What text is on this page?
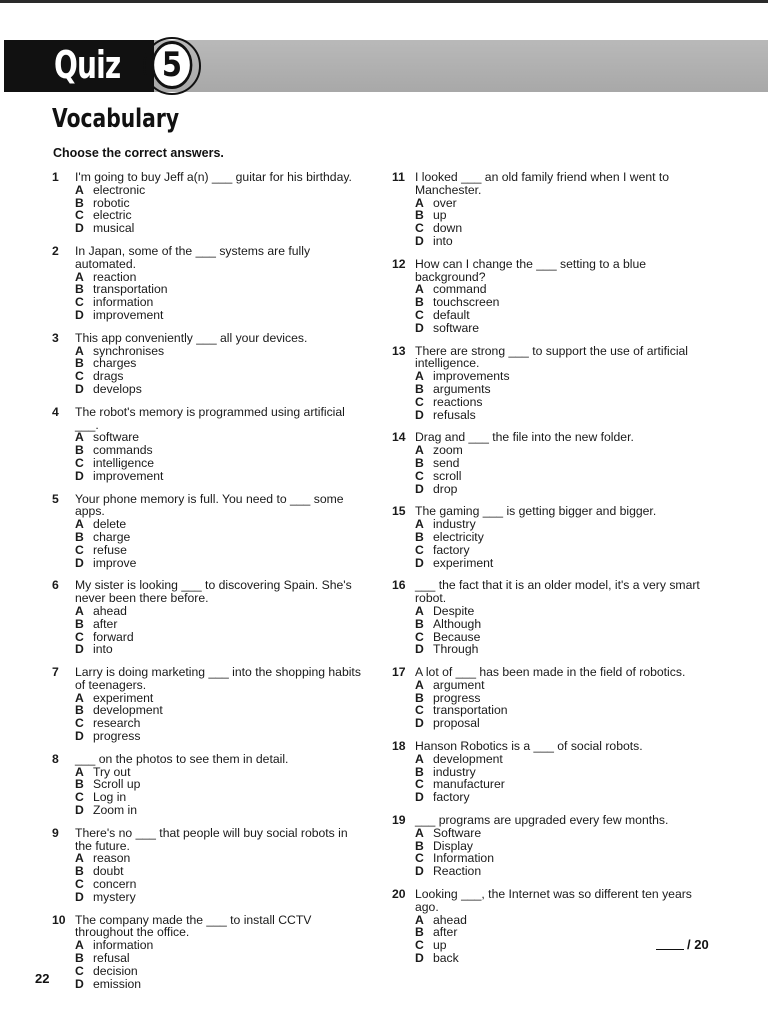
Quiz	5
Vocabulary
Choose the correct answers.
1	I'm going to buy Jeff a(n) ___ guitar for his birthday.
A electronic
B robotic
C electric
D musical
2	In Japan, some of the ___ systems are fully automated.
A reaction
B transportation
C information
D improvement
3	This app conveniently ___ all your devices.
A synchronises
B charges
C drags
D develops
4	The robot's memory is programmed using artificial ___.
A software
B commands
C intelligence
D improvement
5	Your phone memory is full. You need to ___ some apps.
A delete
B charge
C refuse
D improve
6	My sister is looking ___ to discovering Spain. She's never been there before.
A ahead
B after
C forward
D into
7	Larry is doing marketing ___ into the shopping habits of teenagers.
A experiment
B development
C research
D progress
8	___ on the photos to see them in detail.
A Try out
B Scroll up
C Log in
D Zoom in
9	There's no ___ that people will buy social robots in the future.
A reason
B doubt
C concern
D mystery
10 The company made the ___ to install CCTV throughout the office.
A information
B refusal
C decision
D emission
11 I looked ___ an old family friend when I went to Manchester.
A over
B up
C down
D into
12 How can I change the ___ setting to a blue background?
A command
B touchscreen
C default
D software
13 There are strong ___ to support the use of artificial intelligence.
A improvements
B arguments
C reactions
D refusals
14 Drag and ___ the file into the new folder.
A zoom
B send
C scroll
D drop
15 The gaming ___ is getting bigger and bigger.
A industry
B electricity
C factory
D experiment
16 ___ the fact that it is an older model, it's a very smart robot.
A Despite
B Although
C Because
D Through
17 A lot of ___ has been made in the field of robotics.
A argument
B progress
C transportation
D proposal
18 Hanson Robotics is a ___ of social robots.
A development
B industry
C manufacturer
D factory
19 ___ programs are upgraded every few months.
A Software
B Display
C Information
D Reaction
20 Looking ___, the Internet was so different ten years ago.
A ahead
B after
C up
D back
/ 20
22
